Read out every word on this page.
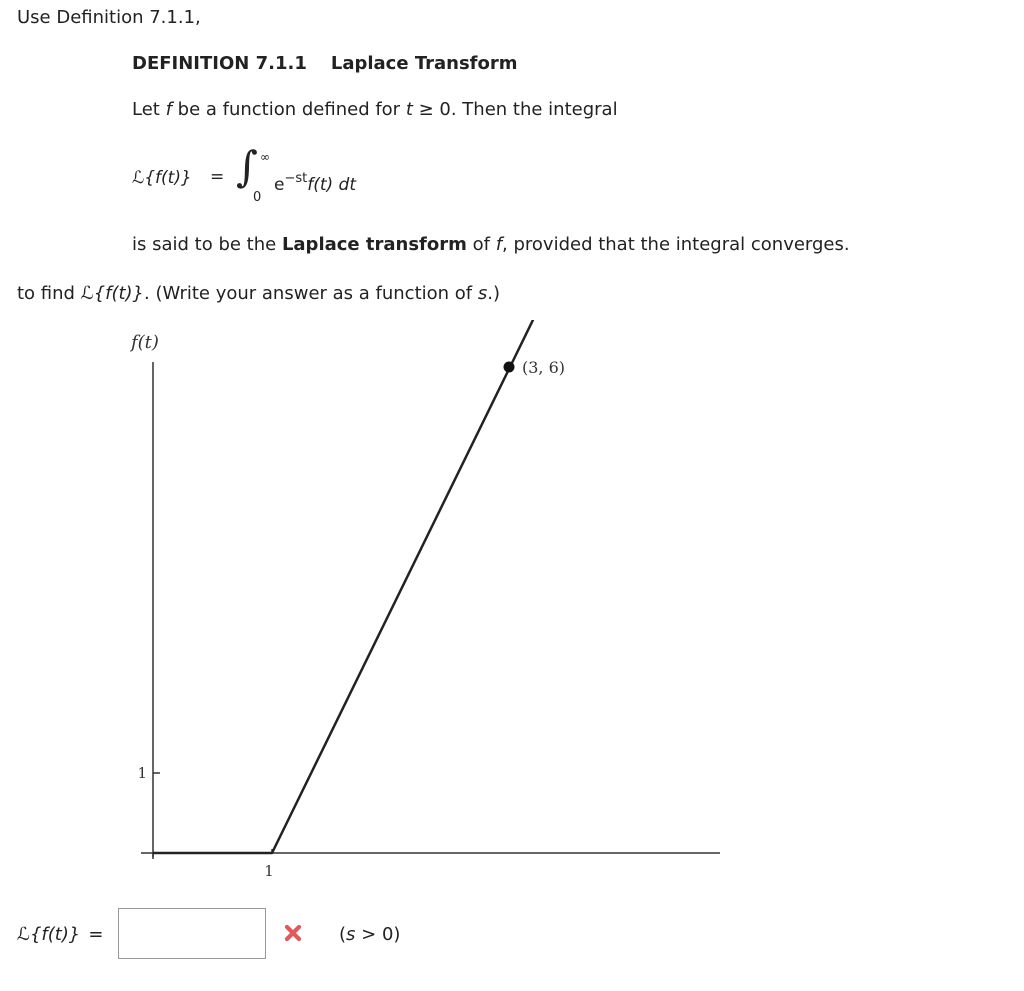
Use Definition 7.1.1,
DEFINITION 7.1.1 Laplace Transform
Let f be a function defined for t ≥ 0. Then the integral
ℒ{f(t)} = ∫ ∞
0
$e^{-st}f(t)$ dt
is said to be the Laplace transform of f, provided that the integral converges.
to find ℒ{f(t)}. (Write your answer as a function of s.)
f(t)
1
1
(3, 6)
ℒ{f(t)} =	(s > 0)
